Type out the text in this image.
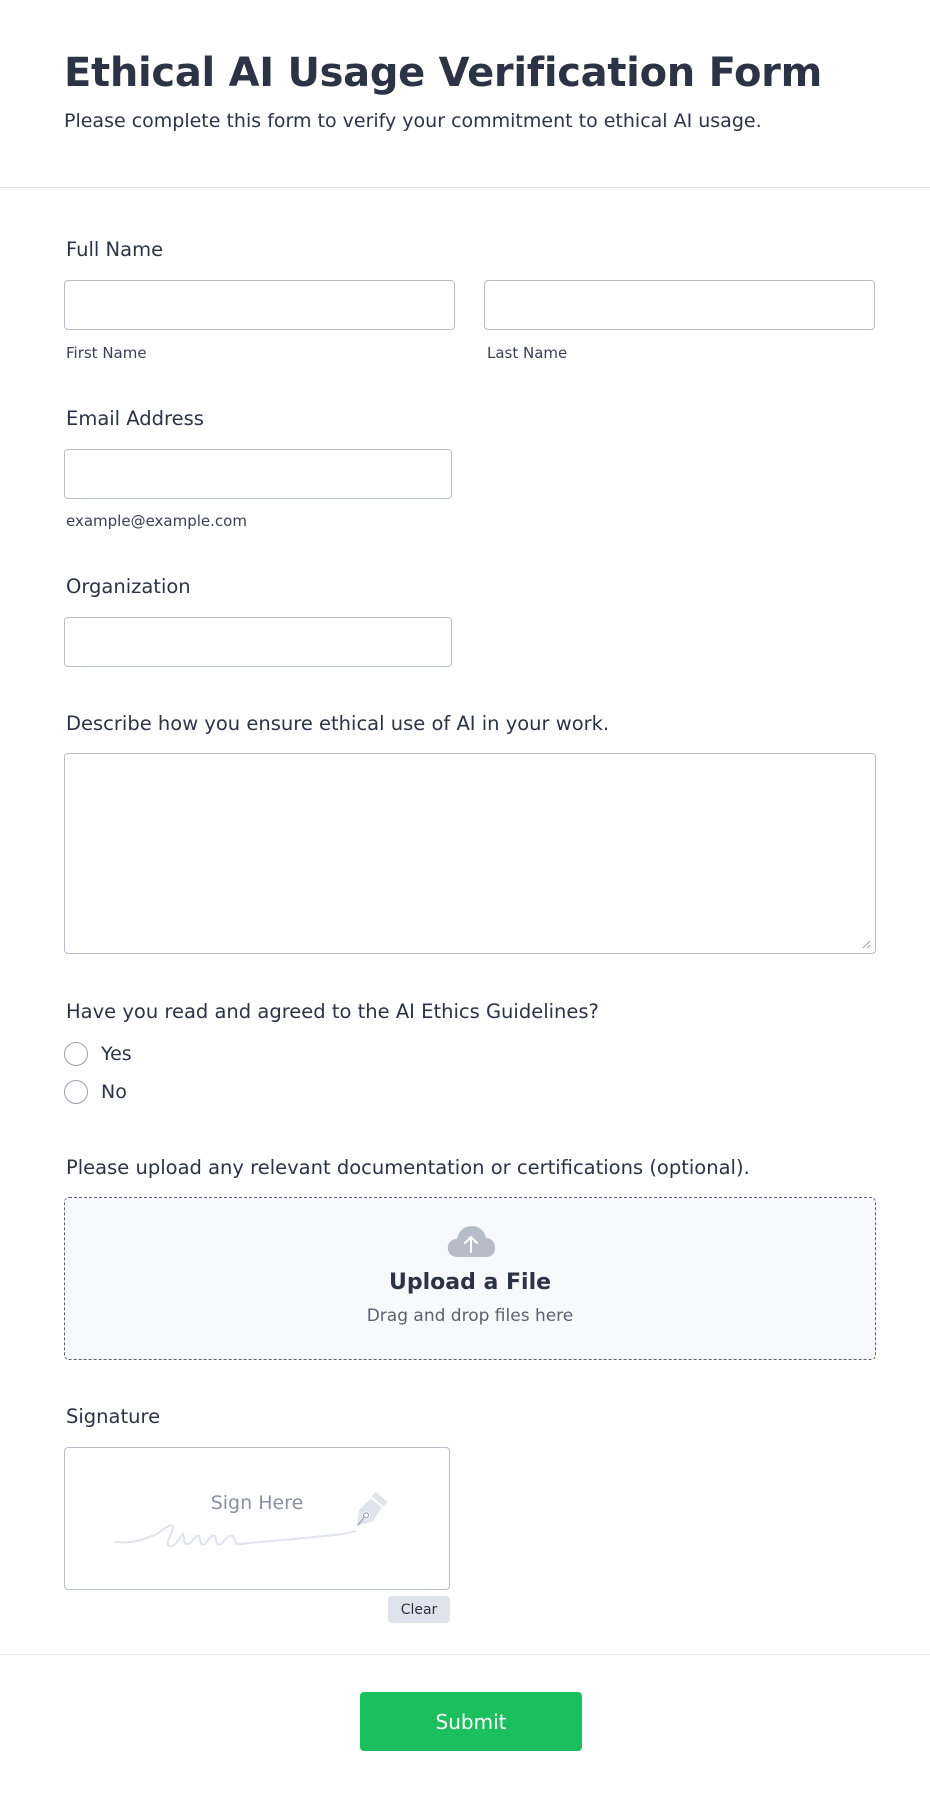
Ethical AI Usage Verification Form
Please complete this form to verify your commitment to ethical AI usage.
Full Name
First Name	Last Name
Email Address
example@example.com
Organization
Describe how you ensure ethical use of AI in your work.
Have you read and agreed to the AI Ethics Guidelines?
Yes
No
Please upload any relevant documentation or certifications (optional).
Upload a File
Drag and drop files here
Signature
Sign Here
Clear
Submit
